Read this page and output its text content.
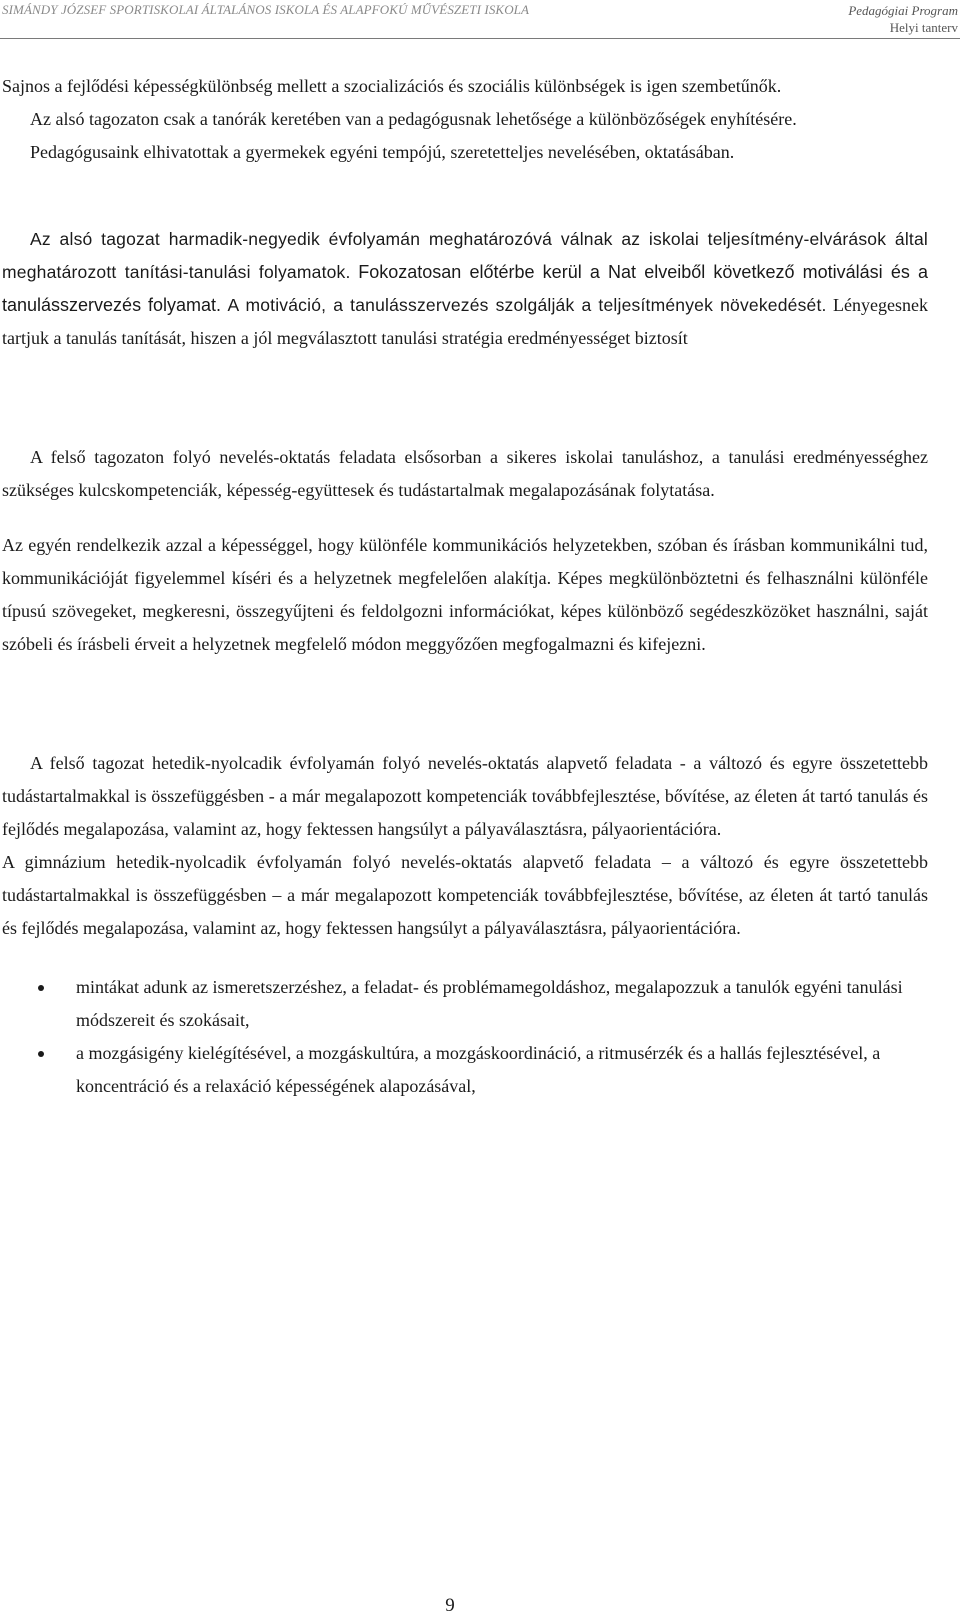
SIMÁNDY JÓZSEF SPORTISKOLAI ÁLTALÁNOS ISKOLA ÉS ALAPFOKÚ MŰVÉSZETI ISKOLA	Pedagógiai Program
Helyi tanterv

Sajnos a fejlődési képességkülönbség mellett a szocializációs és szociális különbségek is igen szembetűnők.

Az alsó tagozaton csak a tanórák keretében van a pedagógusnak lehetősége a különbözőségek enyhítésére.

Pedagógusaink elhivatottak a gyermekek egyéni tempójú, szeretetteljes nevelésében, oktatásában.

Az alsó tagozat harmadik-negyedik évfolyamán meghatározóvá válnak az iskolai teljesítmény-elvárások által meghatározott tanítási-tanulási folyamatok. Fokozatosan előtérbe kerül a Nat elveiből következő motiválási és a tanulásszervezés folyamat. A motiváció, a tanulásszervezés szolgálják a teljesítmények növekedését. Lényegesnek tartjuk a tanulás tanítását, hiszen a jól megválasztott tanulási stratégia eredményességet biztosít

A felső tagozaton folyó nevelés-oktatás feladata elsősorban a sikeres iskolai tanuláshoz, a tanulási eredményességhez szükséges kulcskompetenciák, képesség-együttesek és tudástartalmak megalapozásának folytatása.

Az egyén rendelkezik azzal a képességgel, hogy különféle kommunikációs helyzetekben, szóban és írásban kommunikálni tud, kommunikációját figyelemmel kíséri és a helyzetnek megfelelően alakítja. Képes megkülönböztetni és felhasználni különféle típusú szövegeket, megkeresni, összegyűjteni és feldolgozni információkat, képes különböző segédeszközöket használni, saját szóbeli és írásbeli érveit a helyzetnek megfelelő módon meggyőzően megfogalmazni és kifejezni.

A felső tagozat hetedik-nyolcadik évfolyamán folyó nevelés-oktatás alapvető feladata - a változó és egyre összetettebb tudástartalmakkal is összefüggésben - a már megalapozott kompetenciák továbbfejlesztése, bővítése, az életen át tartó tanulás és fejlődés megalapozása, valamint az, hogy fektessen hangsúlyt a pályaválasztásra, pályaorientációra.

A gimnázium hetedik-nyolcadik évfolyamán folyó nevelés-oktatás alapvető feladata – a változó és egyre összetettebb tudástartalmakkal is összefüggésben – a már megalapozott kompetenciák továbbfejlesztése, bővítése, az életen át tartó tanulás és fejlődés megalapozása, valamint az, hogy fektessen hangsúlyt a pályaválasztásra, pályaorientációra.

mintákat adunk az ismeretszerzéshez, a feladat- és problémamegoldáshoz, megalapozzuk a tanulók egyéni tanulási módszereit és szokásait,
a mozgásigény kielégítésével, a mozgáskultúra, a mozgáskoordináció, a ritmusérzék és a hallás fejlesztésével, a koncentráció és a relaxáció képességének alapozásával,
9
